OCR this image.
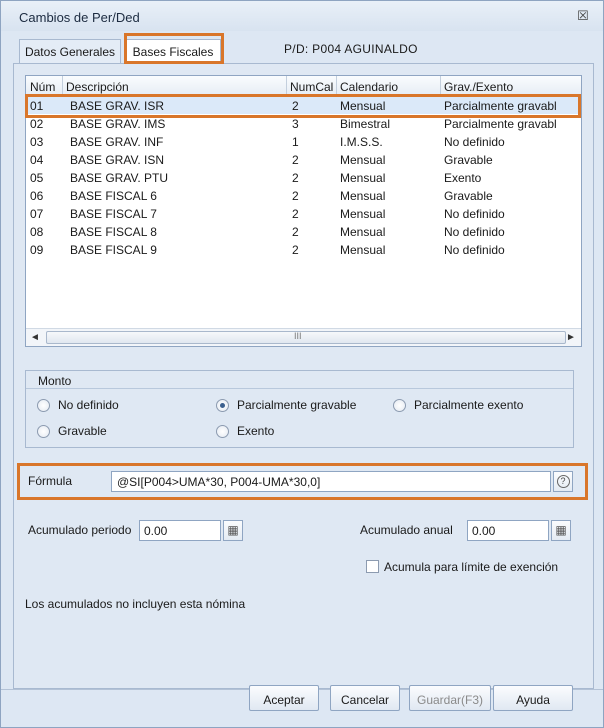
Cambios de Per/Ded	☒
Datos Generales	Bases Fiscales	P/D: P004 AGUINALDO
Núm Descripción	NumCal Calendario	Grav./Exento
01	BASE GRAV. ISR	2	Mensual	Parcialmente gravabl
02	BASE GRAV. IMS	3	Bimestral	Parcialmente gravabl
03	BASE GRAV. INF	1	I.M.S.S.	No definido
04	BASE GRAV. ISN	2	Mensual	Gravable
05	BASE GRAV. PTU	2	Mensual	Exento
06	BASE FISCAL 6	2	Mensual	Gravable
07	BASE FISCAL 7	2	Mensual	No definido
08	BASE FISCAL 8	2	Mensual	No definido
09	BASE FISCAL 9	2	Mensual	No definido
◄	III	►
Monto
No definido	Parcialmente gravable	Parcialmente exento
Gravable	Exento
Fórmula
@SI[P004>UMA*30, P004-UMA*30,0]	?
Acumulado periodo
0.00	▦	Acumulado anual
0.00	▦
Acumula para límite de exención
Los acumulados no incluyen esta nómina
Aceptar	Cancelar	Guardar(F3)	Ayuda
